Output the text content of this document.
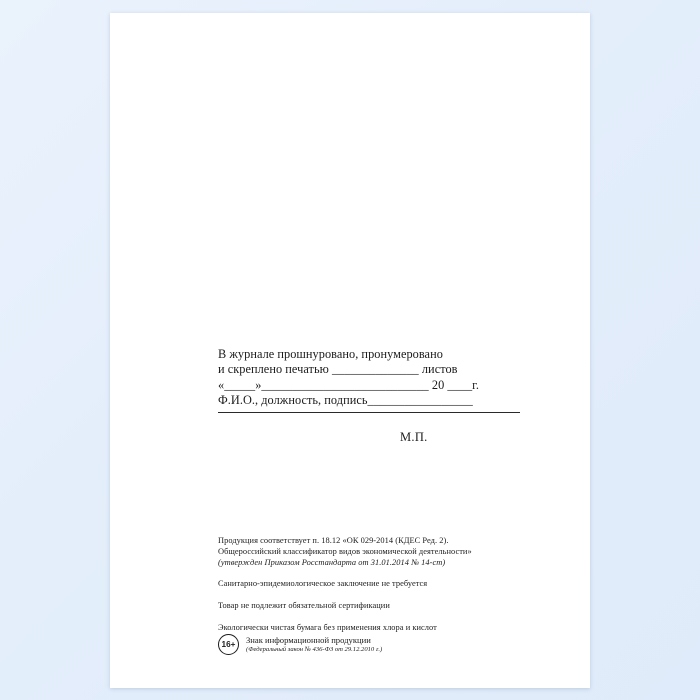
В журнале прошнуровано, пронумеровано
и скреплено печатью ______________ листов
«_____»___________________________ 20 ____г.
Ф.И.О., должность, подпись_________________
М.П.

Продукция соответствует п. 18.12 «ОК 029-2014 (КДЕС Ред. 2).

Общероссийский классификатор видов экономической деятельности»

(утвержден Приказом Росстандарта от 31.01.2014 № 14-ст)

Санитарно-эпидемиологическое заключение не требуется

Товар не подлежит обязательной сертификации

Экологически чистая бумага без применения хлора и кислот

16+	Знак информационной продукции
(Федеральный закон № 436-ФЗ от 29.12.2010 г.)
